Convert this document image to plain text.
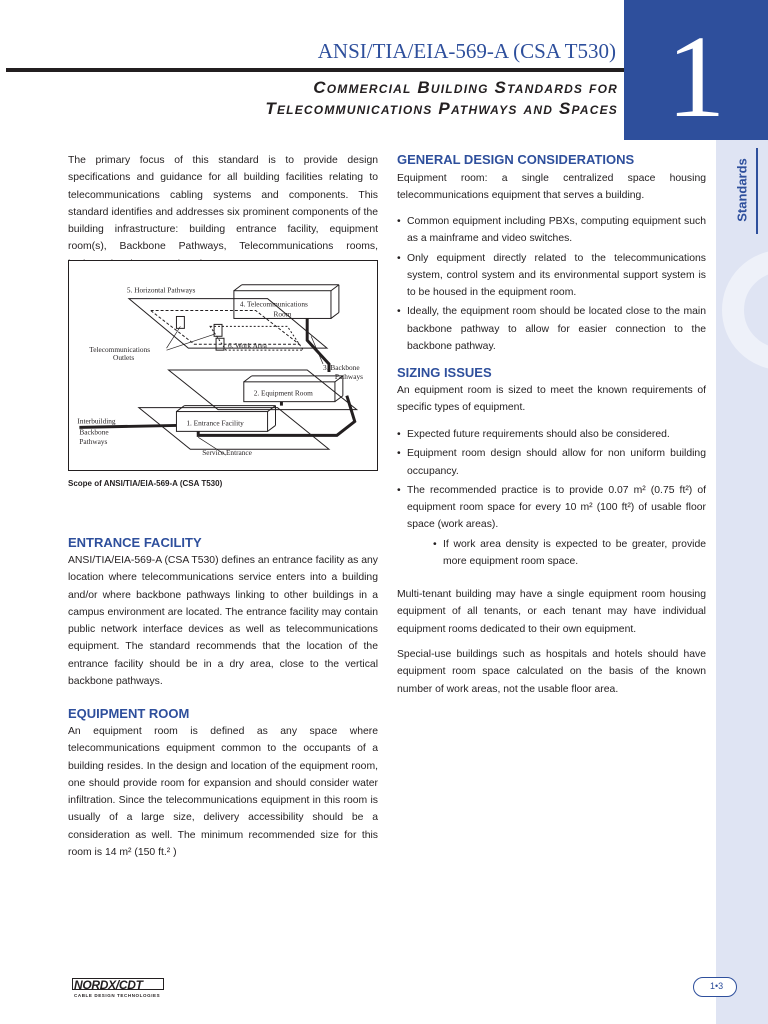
1
Standards
ANSI/TIA/EIA-569-A (CSA T530)
Commercial Building Standards for
Telecommunications Pathways and Spaces

The primary focus of this standard is to provide design specifications and guidance for all building facilities relating to telecommunications cabling systems and components. This standard identifies and addresses six prominent components of the building infrastructure: building entrance facility, equipment room(s), Backbone Pathways, Telecommunications rooms,

5. Horizontal Pathways
4. Telecommunications
Room
6. Work Area
Telecommunications
Outlets
3. Backbone
Pathways
2. Equipment Room
Interbuilding
Backbone
Pathways
1. Entrance Facility
Service Entrance
Scope of ANSI/TIA/EIA-569-A (CSA T530)
ENTRANCE FACILITY

ANSI/TIA/EIA-569-A (CSA T530) defines an entrance facility as any location where telecommunications service enters into a building and/or where backbone pathways linking to other buildings in a campus environment are located. The entrance facility may contain public network interface devices as well as telecommunications equipment. The standard recommends that the location of the entrance facility should be in a dry area, close to the vertical backbone pathways.

EQUIPMENT ROOM

An equipment room is defined as any space where telecommunications equipment common to the occupants of a building resides. In the design and location of the equipment room, one should provide room for expansion and should consider water infiltration. Since the telecommunications equipment in this room is usually of a large size, delivery accessibility should be a consideration as well. The minimum recommended size for this room is 14 m² (150 ft.² )

GENERAL DESIGN CONSIDERATIONS

Equipment room: a single centralized space housing telecommunications equipment that serves a building.

• Common equipment including PBXs, computing equipment such as a mainframe and video switches.
• Only equipment directly related to the telecommunications system, control system and its environmental support system is to be housed in the equipment room.
• Ideally, the equipment room should be located close to the main backbone pathway to allow for easier connection to the backbone pathway.
SIZING ISSUES

An equipment room is sized to meet the known requirements of specific types of equipment.

• Expected future requirements should also be considered.
• Equipment room design should allow for non uniform building occupancy.
• The recommended practice is to provide 0.07 m² (0.75 ft²) of equipment room space for every 10 m² (100 ft²) of usable floor space (work areas).
• If work area density is expected to be greater, provide more equipment room space.

Multi-tenant building may have a single equipment room housing equipment of all tenants, or each tenant may have individual equipment rooms dedicated to their own equipment.

Special-use buildings such as hospitals and hotels should have equipment room space calculated on the basis of the known number of work areas, not the usable floor area.

NORDX/CDT
CABLE DESIGN TECHNOLOGIES
1•3
